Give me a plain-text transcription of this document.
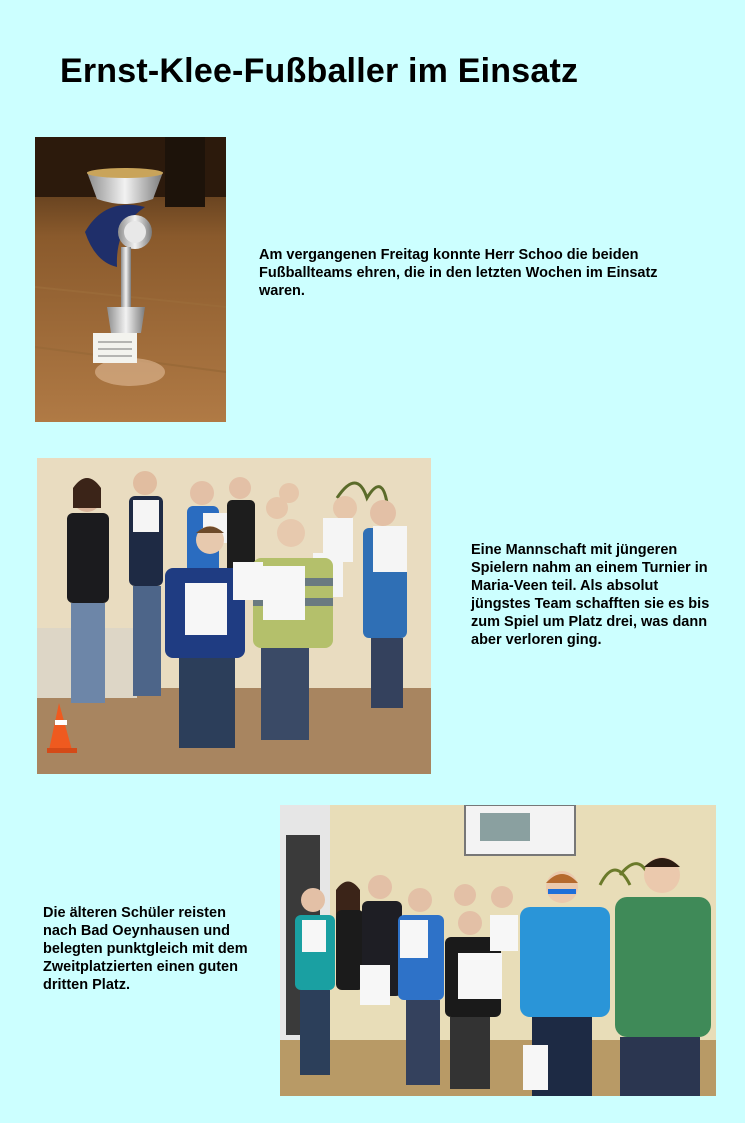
Ernst-Klee-Fußballer im Einsatz

Am vergangenen Freitag konnte Herr Schoo die beiden Fußballteams ehren, die in den letzten Wochen im Einsatz waren.

Eine Mannschaft mit jüngeren Spielern nahm an einem Turnier in Maria-Veen teil. Als absolut jüngstes Team schafften sie es bis zum Spiel um Platz drei, was dann aber verloren ging.

Die älteren Schüler reisten nach Bad Oeynhausen und belegten punktgleich mit dem Zweitplatzierten einen guten dritten Platz.
